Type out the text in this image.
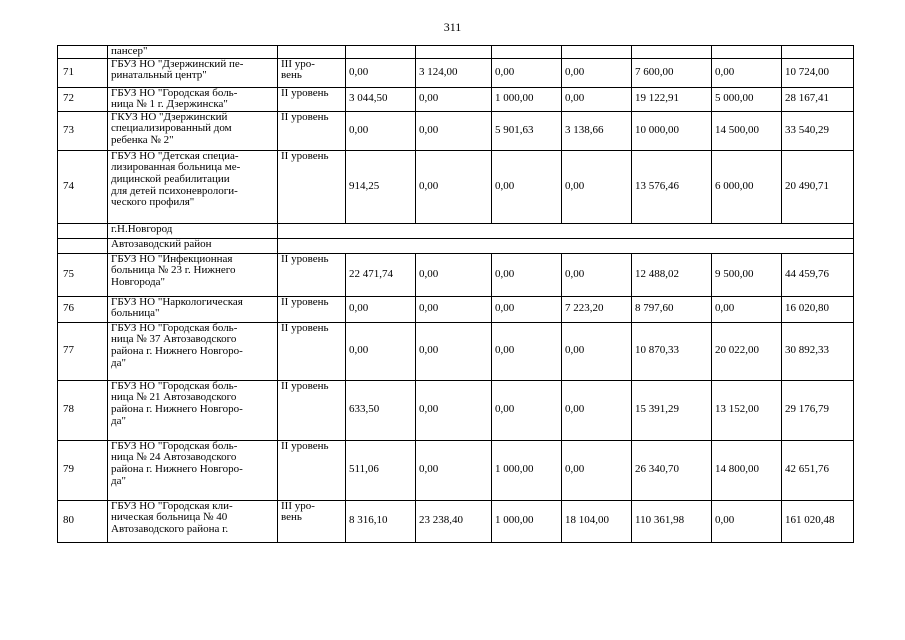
311
	пансер"								
71	ГБУЗ НО "Дзержинский пе-
ринатальный центр"	III уро-
вень	0,00	3 124,00	0,00	0,00	7 600,00	0,00	10 724,00
72	ГБУЗ НО "Городская боль-
ница № 1 г. Дзержинска"	II уровень	3 044,50	0,00	1 000,00	0,00	19 122,91	5 000,00	28 167,41
73	ГКУЗ НО "Дзержинский
специализированный дом
ребенка № 2"	II уровень	0,00	0,00	5 901,63	3 138,66	10 000,00	14 500,00	33 540,29
74	ГБУЗ НО "Детская специа-
лизированная больница ме-
дицинской реабилитации
для детей психоневрологи-
ческого профиля"	II уровень	914,25	0,00	0,00	0,00	13 576,46	6 000,00	20 490,71
	г.Н.Новгород								
	Автозаводский район								
75	ГБУЗ НО "Инфекционная
больница № 23 г. Нижнего
Новгорода"	II уровень	22 471,74	0,00	0,00	0,00	12 488,02	9 500,00	44 459,76
76	ГБУЗ НО "Наркологическая
больница"	II уровень	0,00	0,00	0,00	7 223,20	8 797,60	0,00	16 020,80
77	ГБУЗ НО "Городская боль-
ница № 37 Автозаводского
района г. Нижнего Новгоро-
да"	II уровень	0,00	0,00	0,00	0,00	10 870,33	20 022,00	30 892,33
78	ГБУЗ НО "Городская боль-
ница № 21 Автозаводского
района г. Нижнего Новгоро-
да"	II уровень	633,50	0,00	0,00	0,00	15 391,29	13 152,00	29 176,79
79	ГБУЗ НО "Городская боль-
ница № 24 Автозаводского
района г. Нижнего Новгоро-
да"	II уровень	511,06	0,00	1 000,00	0,00	26 340,70	14 800,00	42 651,76
80	ГБУЗ НО "Городская кли-
ническая больница № 40
Автозаводского района г.	III уро-
вень	8 316,10	23 238,40	1 000,00	18 104,00	110 361,98	0,00	161 020,48
